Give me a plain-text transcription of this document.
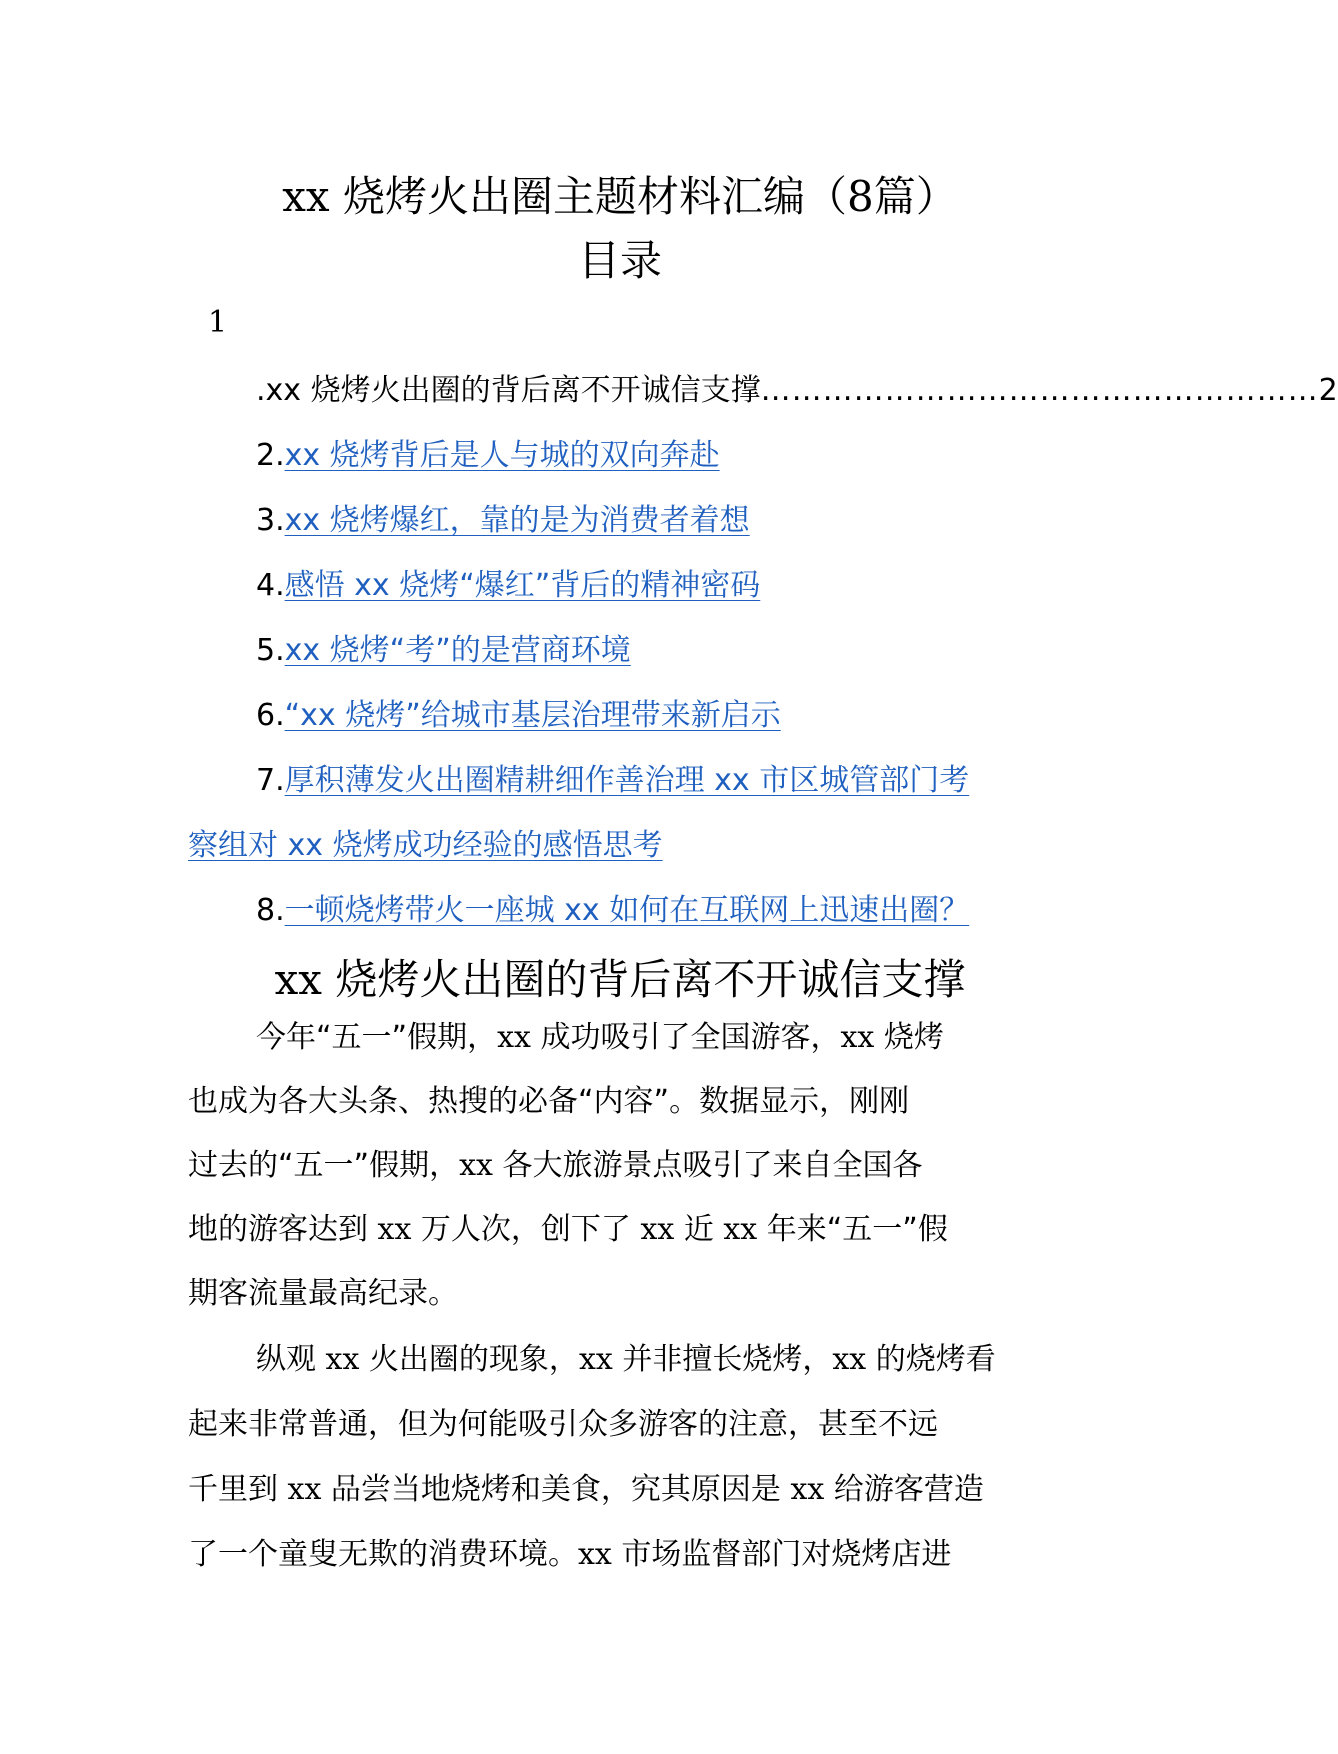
xx 烧烤火出圈主题材料汇编（8篇）
目录
1
.xx 烧烤火出圈的背后离不开诚信支撑 ……………………………………………… 2
2.xx 烧烤背后是人与城的双向奔赴
3.xx 烧烤爆红，靠的是为消费者着想
4.感悟 xx 烧烤“爆红”背后的精神密码
5.xx 烧烤“考”的是营商环境
6.“xx 烧烤”给城市基层治理带来新启示
7.厚积薄发火出圈精耕细作善治理 xx 市区城管部门考
察组对 xx 烧烤成功经验的感悟思考
8.一顿烧烤带火一座城 xx 如何在互联网上迅速出圈？
xx 烧烤火出圈的背后离不开诚信支撑
今年“五一”假期，xx 成功吸引了全国游客，xx 烧烤
也成为各大头条、热搜的必备“内容”。数据显示，刚刚
过去的“五一”假期，xx 各大旅游景点吸引了来自全国各
地的游客达到 xx 万人次，创下了 xx 近 xx 年来“五一”假
期客流量最高纪录。
纵观 xx 火出圈的现象，xx 并非擅长烧烤，xx 的烧烤看
起来非常普通，但为何能吸引众多游客的注意，甚至不远
千里到 xx 品尝当地烧烤和美食，究其原因是 xx 给游客营造
了一个童叟无欺的消费环境。xx 市场监督部门对烧烤店进
